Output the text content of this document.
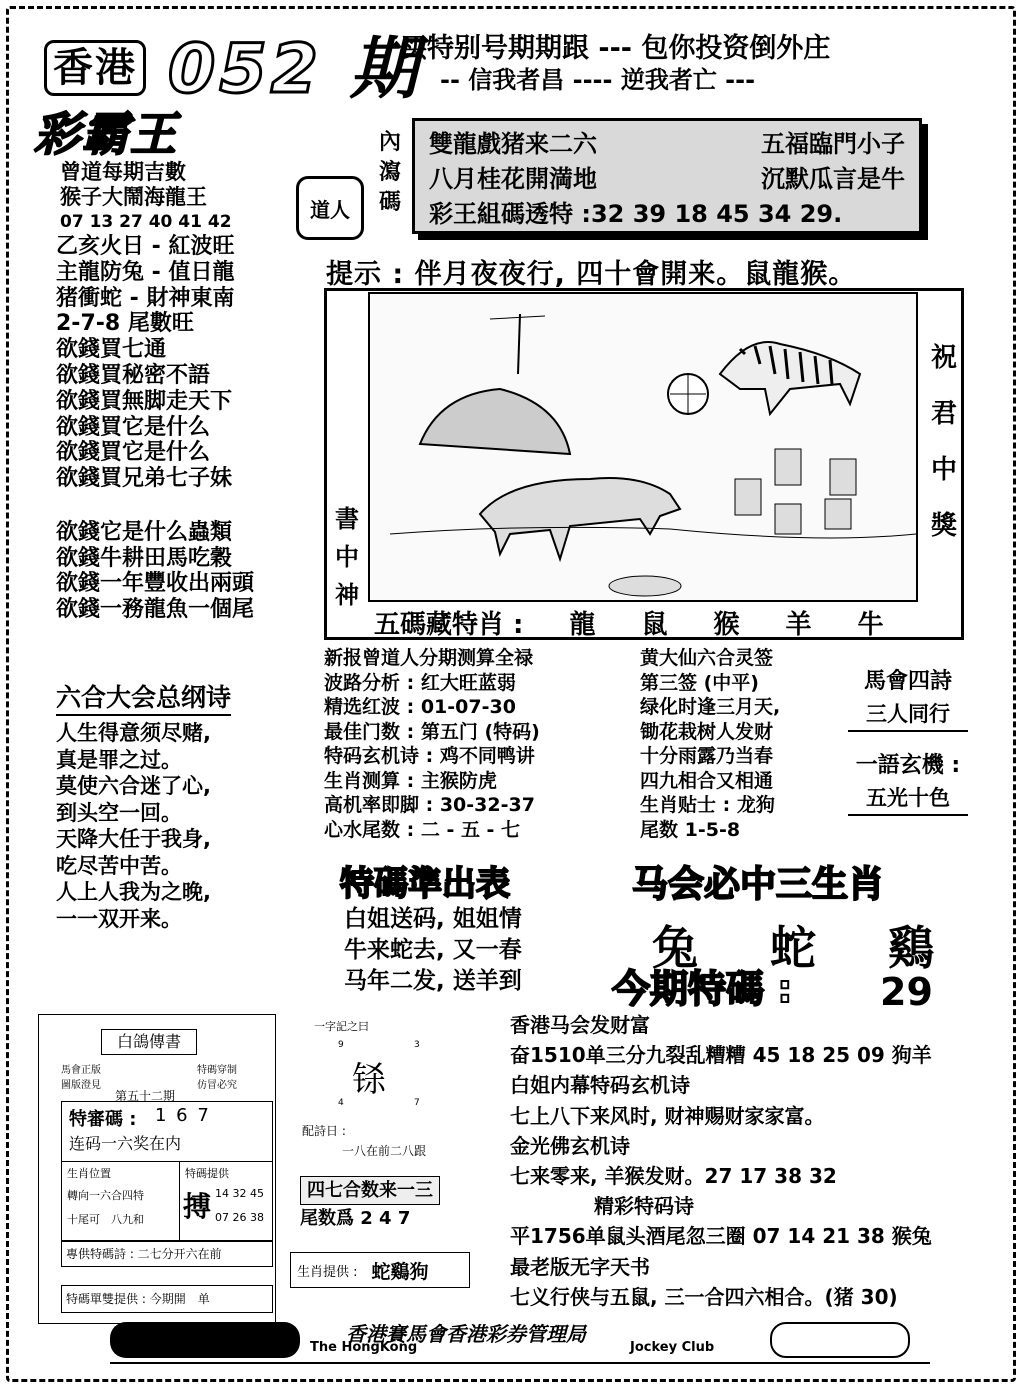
香港 052 期
买特别号期期跟 --- 包你投资倒外庄
-- 信我者昌 ---- 逆我者亡 ---
彩霸王
曾道每期吉數
猴子大鬧海龍王
07 13 27 40 41 42
乙亥火日 - 紅波旺
主龍防兔 - 值日龍
猪衝蛇 - 財神東南
2-7-8 尾數旺
欲錢買七通
欲錢買秘密不語
欲錢買無脚走天下
欲錢買它是什么
欲錢買它是什么
欲錢買兄弟七子妹
欲錢它是什么蟲類
欲錢牛耕田馬吃穀
欲錢一年豐收出兩頭
欲錢一務龍魚一個尾
道人
內瀉碼
雙龍戲猪来二六	五福臨門小子
八月桂花開満地	沉默瓜言是牛
彩王組碼透特 :32 39 18 45 34 29.
提示 : 伴月夜夜行, 四十會開来。鼠龍猴。
書中神
祝君中獎
五碼藏特肖 : 龍 鼠 猴 羊 牛
新报曾道人分期测算全禄
波路分析 : 红大旺蓝弱
精选红波 : 01-07-30
最佳门数 : 第五门 (特码)
特码玄机诗 : 鸡不同鸭讲
生肖测算 : 主猴防虎
高机率即脚 : 30-32-37
心水尾数 : 二 - 五 - 七
黄大仙六合灵签
第三签 (中平)
绿化时逢三月天,
锄花栽树人发财
十分雨露乃当春
四九相合又相通
生肖贴士 : 龙狗
尾数 1-5-8
馬會四詩
三人同行
一語玄機 :
五光十色
六合大会总纲诗
人生得意须尽赌,
真是罪之过。
莫使六合迷了心,
到头空一回。
天降大任于我身,
吃尽苦中苦。
人上人我为之晚,
一一双开来。
特碼準出表
白姐送码, 姐姐情
牛来蛇去, 又一春
马年二发, 送羊到
马会必中三生肖
兔蛇鷄
今期特碼 : 29
香港马会发财富
奋1510单三分九裂乱糟糟 45 18 25 09 狗羊
白姐内幕特码玄机诗
七上八下来风时, 财神赐财家家富。
金光佛玄机诗
七来零来, 羊猴发财。27 17 38 32
精彩特码诗
平1756单鼠头酒尾忽三圈 07 14 21 38 猴兔
最老版无字天书
七义行侠与五鼠, 三一合四六相合。(猪 30)
白鴿傳書
馬會正版 圖版澄見
特碼穿制 仿冒必究
第五十二期
特審碼 : 1 6 7
连码一六奖在内
生肖位置
轉向一六合四特
十尾可　八九和
特碼提供
搏 14 32 45
07 26 38
專供特碼詩 : 二七分开六在前
特碼單雙提供 : 今期開　单
一字記之曰
9	3
铩
4	7
配詩日 :
一八在前二八跟
四七合数来一三
尾数爲 2 4 7
生肖提供 : 蛇鷄狗
香港賽馬會香港彩券管理局
The HongKong	Jockey Club
